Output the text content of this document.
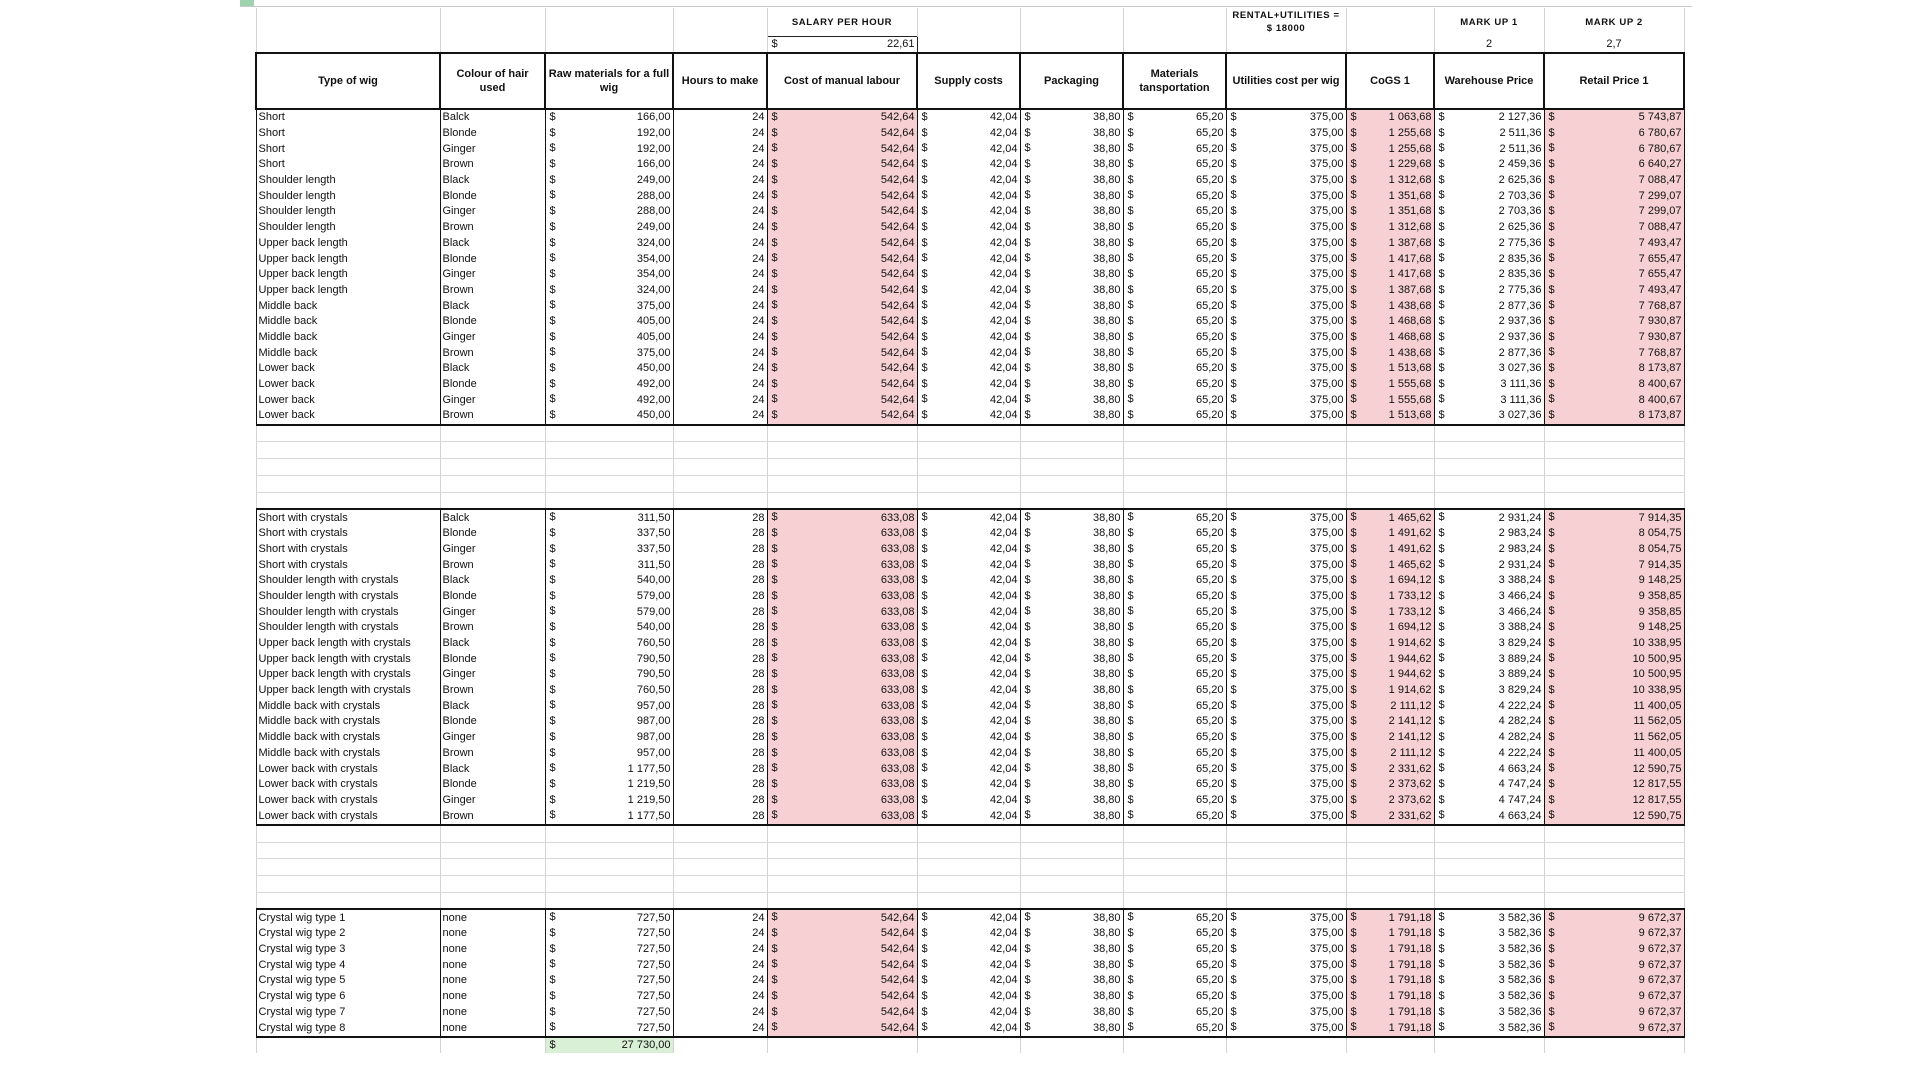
				SALARY PER HOUR				RENTAL+UTILITIES = $ 18000		MARK UP 1	MARK UP 2

				$ 22,61						2	2,7
Type of wig	Colour of hair used	Raw materials for a full wig	Hours to make	Cost of manual labour	Supply costs	Packaging	Materials tansportation	Utilities cost per wig	CoGS 1	Warehouse Price	Retail Price 1
Short	Balck	$ 166,00	24	$ 542,64	$ 42,04	$ 38,80	$ 65,20	$ 375,00	$ 1 063,68	$ 2 127,36	$ 5 743,87
Short	Blonde	$ 192,00	24	$ 542,64	$ 42,04	$ 38,80	$ 65,20	$ 375,00	$ 1 255,68	$ 2 511,36	$ 6 780,67
Short	Ginger	$ 192,00	24	$ 542,64	$ 42,04	$ 38,80	$ 65,20	$ 375,00	$ 1 255,68	$ 2 511,36	$ 6 780,67
Short	Brown	$ 166,00	24	$ 542,64	$ 42,04	$ 38,80	$ 65,20	$ 375,00	$ 1 229,68	$ 2 459,36	$ 6 640,27
Shoulder length	Black	$ 249,00	24	$ 542,64	$ 42,04	$ 38,80	$ 65,20	$ 375,00	$ 1 312,68	$ 2 625,36	$ 7 088,47
Shoulder length	Blonde	$ 288,00	24	$ 542,64	$ 42,04	$ 38,80	$ 65,20	$ 375,00	$ 1 351,68	$ 2 703,36	$ 7 299,07
Shoulder length	Ginger	$ 288,00	24	$ 542,64	$ 42,04	$ 38,80	$ 65,20	$ 375,00	$ 1 351,68	$ 2 703,36	$ 7 299,07
Shoulder length	Brown	$ 249,00	24	$ 542,64	$ 42,04	$ 38,80	$ 65,20	$ 375,00	$ 1 312,68	$ 2 625,36	$ 7 088,47
Upper back length	Black	$ 324,00	24	$ 542,64	$ 42,04	$ 38,80	$ 65,20	$ 375,00	$ 1 387,68	$ 2 775,36	$ 7 493,47
Upper back length	Blonde	$ 354,00	24	$ 542,64	$ 42,04	$ 38,80	$ 65,20	$ 375,00	$ 1 417,68	$ 2 835,36	$ 7 655,47
Upper back length	Ginger	$ 354,00	24	$ 542,64	$ 42,04	$ 38,80	$ 65,20	$ 375,00	$ 1 417,68	$ 2 835,36	$ 7 655,47
Upper back length	Brown	$ 324,00	24	$ 542,64	$ 42,04	$ 38,80	$ 65,20	$ 375,00	$ 1 387,68	$ 2 775,36	$ 7 493,47
Middle back	Black	$ 375,00	24	$ 542,64	$ 42,04	$ 38,80	$ 65,20	$ 375,00	$ 1 438,68	$ 2 877,36	$ 7 768,87
Middle back	Blonde	$ 405,00	24	$ 542,64	$ 42,04	$ 38,80	$ 65,20	$ 375,00	$ 1 468,68	$ 2 937,36	$ 7 930,87
Middle back	Ginger	$ 405,00	24	$ 542,64	$ 42,04	$ 38,80	$ 65,20	$ 375,00	$ 1 468,68	$ 2 937,36	$ 7 930,87
Middle back	Brown	$ 375,00	24	$ 542,64	$ 42,04	$ 38,80	$ 65,20	$ 375,00	$ 1 438,68	$ 2 877,36	$ 7 768,87
Lower back	Black	$ 450,00	24	$ 542,64	$ 42,04	$ 38,80	$ 65,20	$ 375,00	$ 1 513,68	$ 3 027,36	$ 8 173,87
Lower back	Blonde	$ 492,00	24	$ 542,64	$ 42,04	$ 38,80	$ 65,20	$ 375,00	$ 1 555,68	$ 3 111,36	$ 8 400,67
Lower back	Ginger	$ 492,00	24	$ 542,64	$ 42,04	$ 38,80	$ 65,20	$ 375,00	$ 1 555,68	$ 3 111,36	$ 8 400,67
Lower back	Brown	$ 450,00	24	$ 542,64	$ 42,04	$ 38,80	$ 65,20	$ 375,00	$ 1 513,68	$ 3 027,36	$ 8 173,87

Short with crystals	Balck	$ 311,50	28	$ 633,08	$ 42,04	$ 38,80	$ 65,20	$ 375,00	$ 1 465,62	$ 2 931,24	$ 7 914,35
Short with crystals	Blonde	$ 337,50	28	$ 633,08	$ 42,04	$ 38,80	$ 65,20	$ 375,00	$ 1 491,62	$ 2 983,24	$ 8 054,75
Short with crystals	Ginger	$ 337,50	28	$ 633,08	$ 42,04	$ 38,80	$ 65,20	$ 375,00	$ 1 491,62	$ 2 983,24	$ 8 054,75
Short with crystals	Brown	$ 311,50	28	$ 633,08	$ 42,04	$ 38,80	$ 65,20	$ 375,00	$ 1 465,62	$ 2 931,24	$ 7 914,35
Shoulder length with crystals	Black	$ 540,00	28	$ 633,08	$ 42,04	$ 38,80	$ 65,20	$ 375,00	$ 1 694,12	$ 3 388,24	$ 9 148,25
Shoulder length with crystals	Blonde	$ 579,00	28	$ 633,08	$ 42,04	$ 38,80	$ 65,20	$ 375,00	$ 1 733,12	$ 3 466,24	$ 9 358,85
Shoulder length with crystals	Ginger	$ 579,00	28	$ 633,08	$ 42,04	$ 38,80	$ 65,20	$ 375,00	$ 1 733,12	$ 3 466,24	$ 9 358,85
Shoulder length with crystals	Brown	$ 540,00	28	$ 633,08	$ 42,04	$ 38,80	$ 65,20	$ 375,00	$ 1 694,12	$ 3 388,24	$ 9 148,25
Upper back length with crystals	Black	$ 760,50	28	$ 633,08	$ 42,04	$ 38,80	$ 65,20	$ 375,00	$ 1 914,62	$ 3 829,24	$ 10 338,95
Upper back length with crystals	Blonde	$ 790,50	28	$ 633,08	$ 42,04	$ 38,80	$ 65,20	$ 375,00	$ 1 944,62	$ 3 889,24	$ 10 500,95
Upper back length with crystals	Ginger	$ 790,50	28	$ 633,08	$ 42,04	$ 38,80	$ 65,20	$ 375,00	$ 1 944,62	$ 3 889,24	$ 10 500,95
Upper back length with crystals	Brown	$ 760,50	28	$ 633,08	$ 42,04	$ 38,80	$ 65,20	$ 375,00	$ 1 914,62	$ 3 829,24	$ 10 338,95
Middle back with crystals	Black	$ 957,00	28	$ 633,08	$ 42,04	$ 38,80	$ 65,20	$ 375,00	$ 2 111,12	$ 4 222,24	$ 11 400,05
Middle back with crystals	Blonde	$ 987,00	28	$ 633,08	$ 42,04	$ 38,80	$ 65,20	$ 375,00	$ 2 141,12	$ 4 282,24	$ 11 562,05
Middle back with crystals	Ginger	$ 987,00	28	$ 633,08	$ 42,04	$ 38,80	$ 65,20	$ 375,00	$ 2 141,12	$ 4 282,24	$ 11 562,05
Middle back with crystals	Brown	$ 957,00	28	$ 633,08	$ 42,04	$ 38,80	$ 65,20	$ 375,00	$ 2 111,12	$ 4 222,24	$ 11 400,05
Lower back with crystals	Black	$ 1 177,50	28	$ 633,08	$ 42,04	$ 38,80	$ 65,20	$ 375,00	$ 2 331,62	$ 4 663,24	$ 12 590,75
Lower back with crystals	Blonde	$ 1 219,50	28	$ 633,08	$ 42,04	$ 38,80	$ 65,20	$ 375,00	$ 2 373,62	$ 4 747,24	$ 12 817,55
Lower back with crystals	Ginger	$ 1 219,50	28	$ 633,08	$ 42,04	$ 38,80	$ 65,20	$ 375,00	$ 2 373,62	$ 4 747,24	$ 12 817,55
Lower back with crystals	Brown	$ 1 177,50	28	$ 633,08	$ 42,04	$ 38,80	$ 65,20	$ 375,00	$ 2 331,62	$ 4 663,24	$ 12 590,75

Crystal wig type 1	none	$ 727,50	24	$ 542,64	$ 42,04	$ 38,80	$ 65,20	$ 375,00	$ 1 791,18	$ 3 582,36	$ 9 672,37
Crystal wig type 2	none	$ 727,50	24	$ 542,64	$ 42,04	$ 38,80	$ 65,20	$ 375,00	$ 1 791,18	$ 3 582,36	$ 9 672,37
Crystal wig type 3	none	$ 727,50	24	$ 542,64	$ 42,04	$ 38,80	$ 65,20	$ 375,00	$ 1 791,18	$ 3 582,36	$ 9 672,37
Crystal wig type 4	none	$ 727,50	24	$ 542,64	$ 42,04	$ 38,80	$ 65,20	$ 375,00	$ 1 791,18	$ 3 582,36	$ 9 672,37
Crystal wig type 5	none	$ 727,50	24	$ 542,64	$ 42,04	$ 38,80	$ 65,20	$ 375,00	$ 1 791,18	$ 3 582,36	$ 9 672,37
Crystal wig type 6	none	$ 727,50	24	$ 542,64	$ 42,04	$ 38,80	$ 65,20	$ 375,00	$ 1 791,18	$ 3 582,36	$ 9 672,37
Crystal wig type 7	none	$ 727,50	24	$ 542,64	$ 42,04	$ 38,80	$ 65,20	$ 375,00	$ 1 791,18	$ 3 582,36	$ 9 672,37
Crystal wig type 8	none	$ 727,50	24	$ 542,64	$ 42,04	$ 38,80	$ 65,20	$ 375,00	$ 1 791,18	$ 3 582,36	$ 9 672,37

		$ 27 730,00									
